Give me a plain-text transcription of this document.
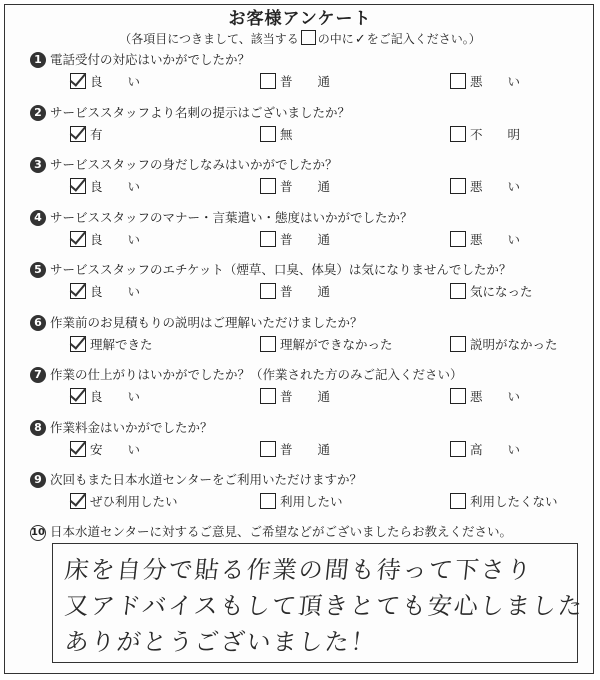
お客様アンケート
（各項目につきまして、該当する の中に✓をご記入ください。）
1 電話受付の対応はいかがでしたか？
良　　い	普　　通	悪　　い
2 サービススタッフより名刺の提示はございましたか？
有	無	不　　明
3 サービススタッフの身だしなみはいかがでしたか？
良　　い	普　　通	悪　　い
4 サービススタッフのマナー・言葉遣い・態度はいかがでしたか？
良　　い	普　　通	悪　　い
5 サービススタッフのエチケット（煙草、口臭、体臭）は気になりませんでしたか？
良　　い	普　　通	気になった
6 作業前のお見積もりの説明はご理解いただけましたか？
理解できた	理解ができなかった	説明がなかった
7 作業の仕上がりはいかがでしたか？（作業された方のみご記入ください）
良　　い	普　　通	悪　　い
8 作業料金はいかがでしたか？
安　　い	普　　通	高　　い
9 次回もまた日本水道センターをご利用いただけますか？
ぜひ利用したい	利用したい	利用したくない
10 日本水道センターに対するご意見、ご希望などがございましたらお教えください。
床を自分で貼る作業の間も待って下さり
又アドバイスもして頂きとても安心しました
ありがとうございました！
